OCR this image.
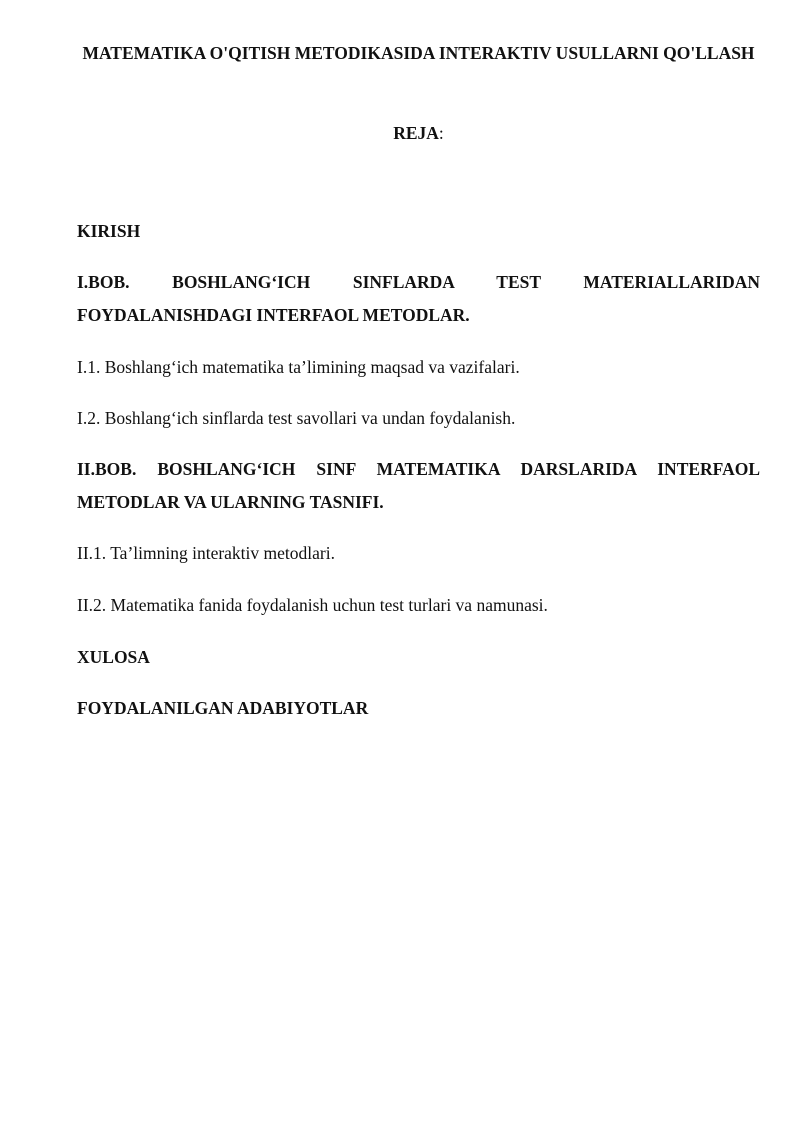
MATEMATIKA O'QITISH METODIKASIDA INTERAKTIV USULLARNI QO'LLASH

REJA:

KIRISH

I.BOB. BOSHLANG‘ICH SINFLARDA TEST MATERIALLARIDAN FOYDALANISHDAGI INTERFAOL METODLAR.

I.1. Boshlang‘ich matematika ta’limining maqsad va vazifalari.

I.2. Boshlang‘ich sinflarda test savollari va undan foydalanish.

II.BOB. BOSHLANG‘ICH SINF MATEMATIKA DARSLARIDA INTERFAOL METODLAR VA ULARNING TASNIFI.

II.1. Ta’limning interaktiv metodlari.

II.2. Matematika fanida foydalanish uchun test turlari va namunasi.

XULOSA

FOYDALANILGAN ADABIYOTLAR
